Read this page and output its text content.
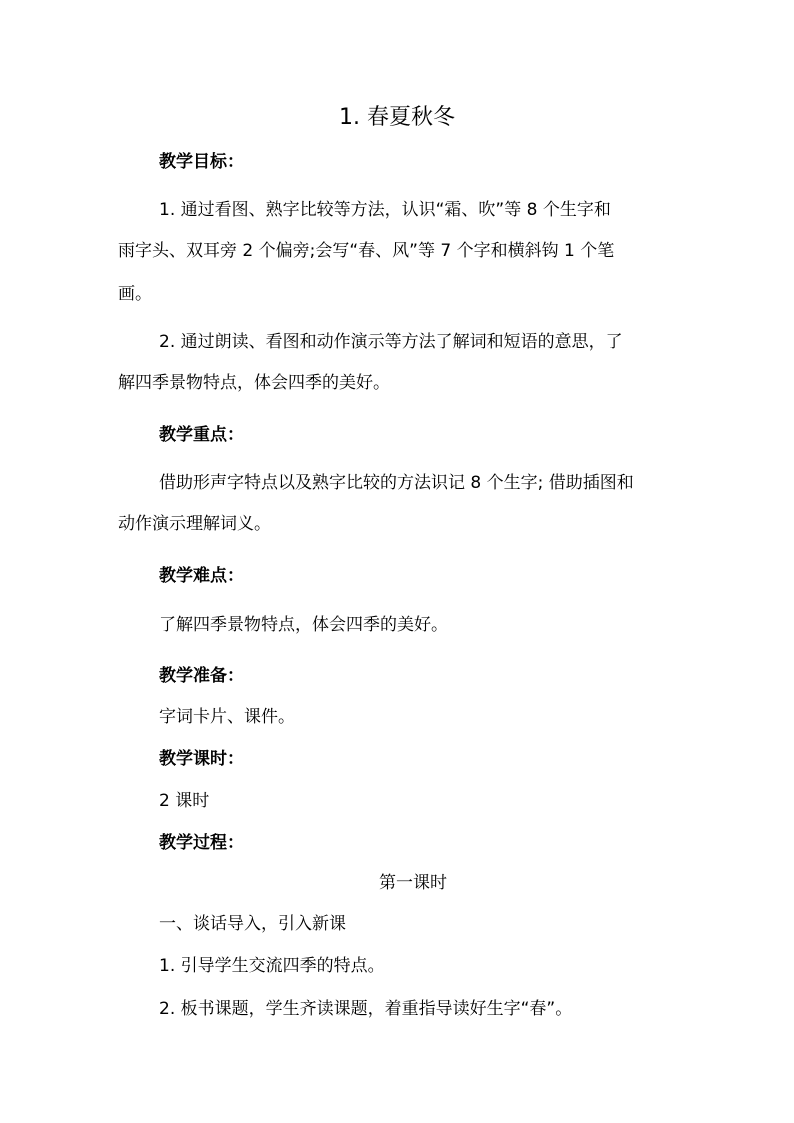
1. 春夏秋冬

教学目标：

1. 通过看图、熟字比较等方法，认识“霜、吹”等 8 个生字和

雨字头、双耳旁 2 个偏旁;会写“春、风”等 7 个字和横斜钩 1 个笔

画。

2. 通过朗读、看图和动作演示等方法了解词和短语的意思，了

解四季景物特点，体会四季的美好。

教学重点：

借助形声字特点以及熟字比较的方法识记 8 个生字; 借助插图和

动作演示理解词义。

教学难点：

了解四季景物特点，体会四季的美好。

教学准备：

字词卡片、课件。

教学课时：

2 课时

教学过程：

第一课时

一、谈话导入，引入新课

1. 引导学生交流四季的特点。

2. 板书课题，学生齐读课题，着重指导读好生字“春”。
